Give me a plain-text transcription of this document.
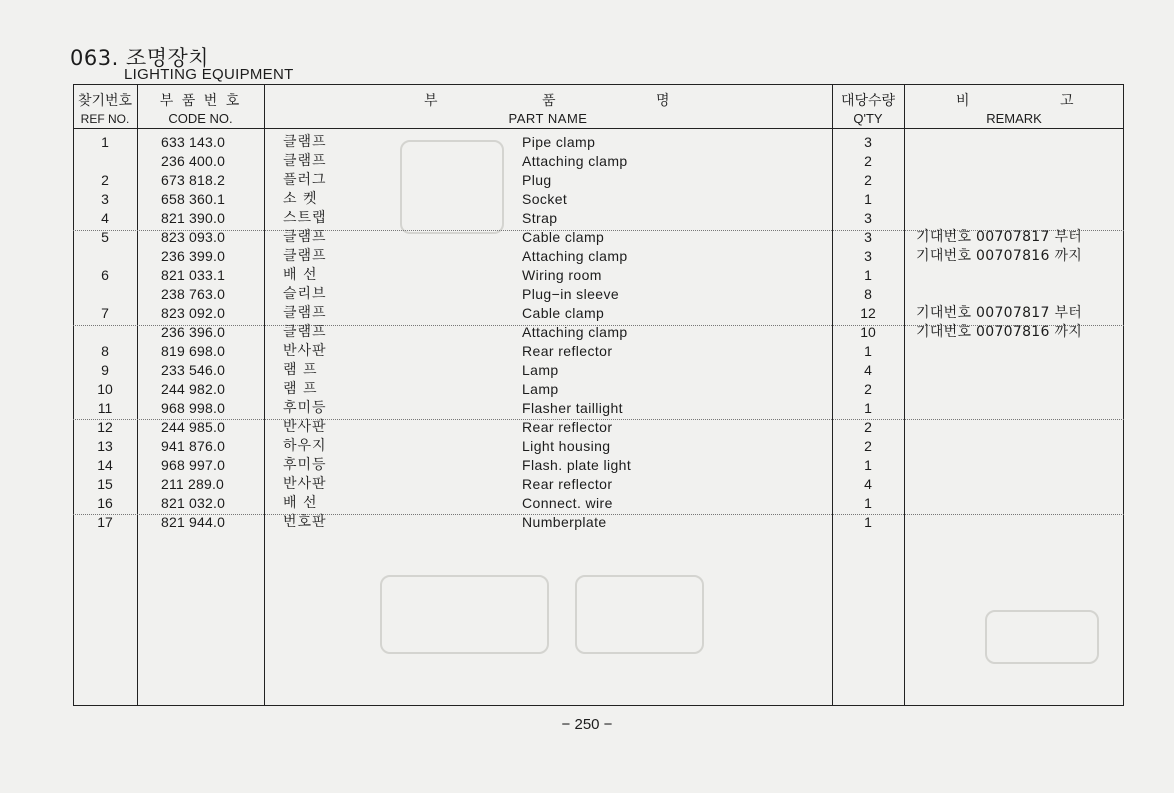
063. 조명장치
LIGHTING EQUIPMENT
찾기번호
REF NO.
부 품 번 호
CODE NO.
부	품	명
PART NAME
대당수량
Q'TY
비	고
REMARK
1	633 143.0	클램프	Pipe clamp	3
236 400.0	클램프	Attaching clamp	2
2	673 818.2	플러그	Plug	2
3	658 360.1	소 켓	Socket	1
4	821 390.0	스트랩	Strap	3
5	823 093.0	클램프	Cable clamp	3	기대번호 00707817 부터
236 399.0	클램프	Attaching clamp	3	기대번호 00707816 까지
6	821 033.1	배 선	Wiring room	1
238 763.0	슬리브	Plug−in sleeve	8
7	823 092.0	클램프	Cable clamp	12	기대번호 00707817 부터
236 396.0	클램프	Attaching clamp	10	기대번호 00707816 까지
8	819 698.0	반사판	Rear reflector	1
9	233 546.0	램 프	Lamp	4
10	244 982.0	램 프	Lamp	2
11	968 998.0	후미등	Flasher taillight	1
12	244 985.0	반사판	Rear reflector	2
13	941 876.0	하우지	Light housing	2
14	968 997.0	후미등	Flash. plate light	1
15	211 289.0	반사판	Rear reflector	4
16	821 032.0	배 선	Connect. wire	1
17	821 944.0	번호판	Numberplate	1
− 250 −
